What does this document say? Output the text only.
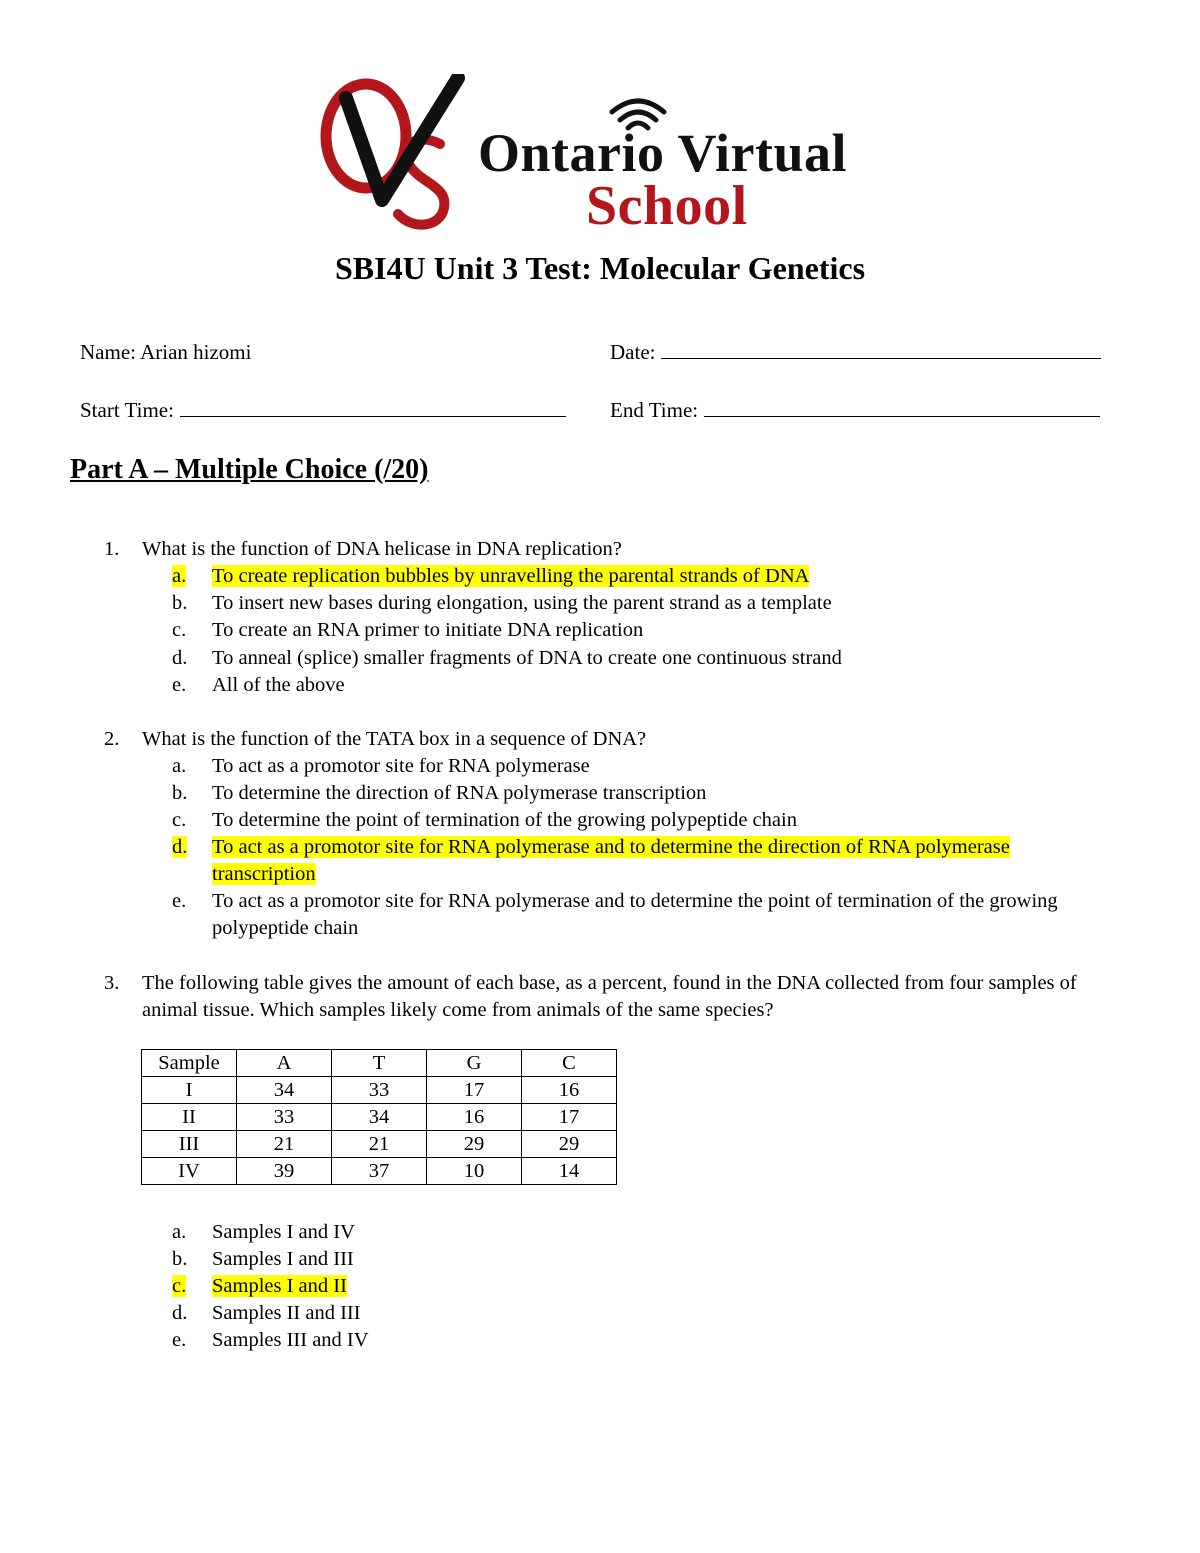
Ontario Virtual
School
SBI4U Unit 3 Test: Molecular Genetics
Name: Arian hizomi	Date:
Start Time:	End Time:
Part A – Multiple Choice (/20)
1.	What is the function of DNA helicase in DNA replication?
a.	To create replication bubbles by unravelling the parental strands of DNA
b.	To insert new bases during elongation, using the parent strand as a template
c.	To create an RNA primer to initiate DNA replication
d.	To anneal (splice) smaller fragments of DNA to create one continuous strand
e.	All of the above
2.	What is the function of the TATA box in a sequence of DNA?
a.	To act as a promotor site for RNA polymerase
b.	To determine the direction of RNA polymerase transcription
c.	To determine the point of termination of the growing polypeptide chain
d.	To act as a promotor site for RNA polymerase and to determine the direction of RNA polymerase transcription
e.	To act as a promotor site for RNA polymerase and to determine the point of termination of the growing polypeptide chain
3.	The following table gives the amount of each base, as a percent, found in the DNA collected from four samples of animal tissue. Which samples likely come from animals of the same species?
Sample	A	T	G	C
I	34	33	17	16
II	33	34	16	17
III	21	21	29	29
IV	39	37	10	14
a.	Samples I and IV
b.	Samples I and III
c.	Samples I and II
d.	Samples II and III
e.	Samples III and IV
